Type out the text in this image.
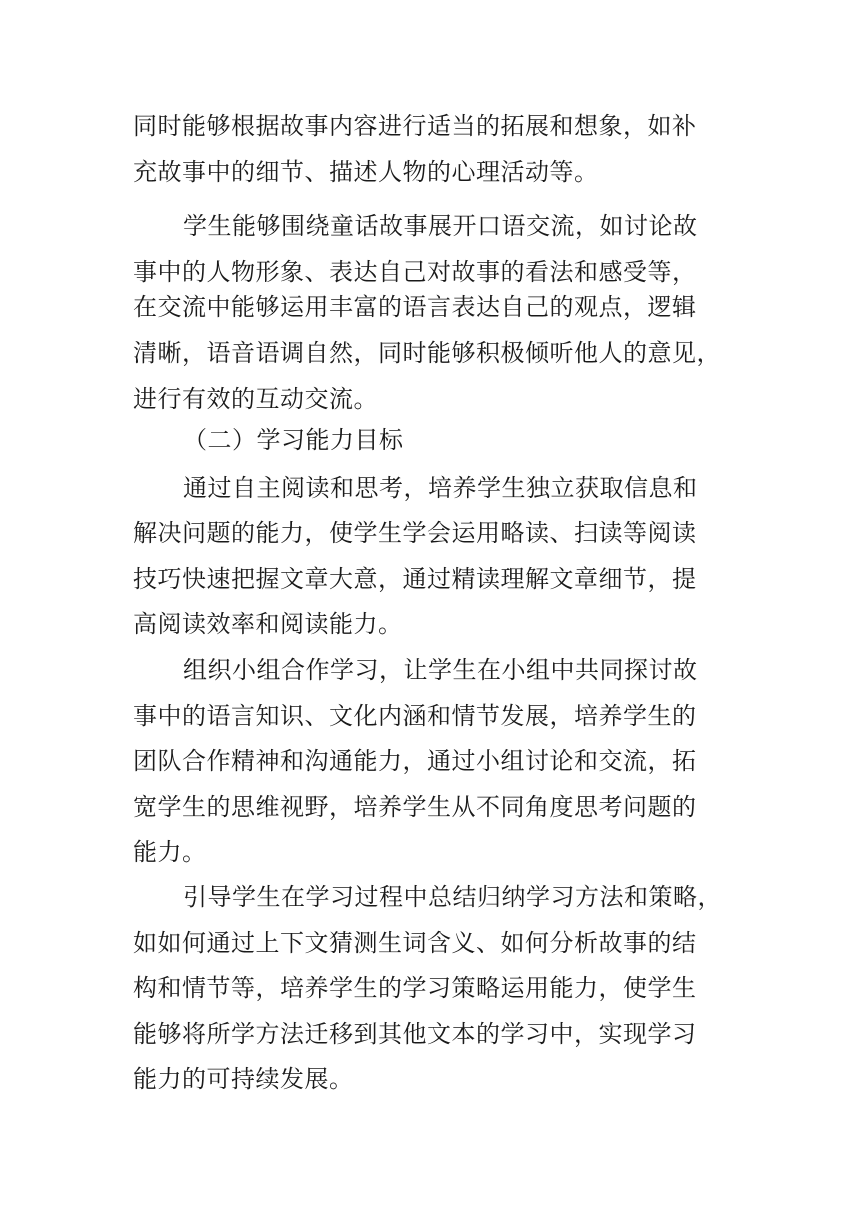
同时能够根据故事内容进行适当的拓展和想象，如补
充故事中的细节、描述人物的心理活动等。
学生能够围绕童话故事展开口语交流，如讨论故
事中的人物形象、表达自己对故事的看法和感受等，
在交流中能够运用丰富的语言表达自己的观点，逻辑
清晰，语音语调自然，同时能够积极倾听他人的意见，
进行有效的互动交流。
（二）学习能力目标
通过自主阅读和思考，培养学生独立获取信息和
解决问题的能力，使学生学会运用略读、扫读等阅读
技巧快速把握文章大意，通过精读理解文章细节，提
高阅读效率和阅读能力。
组织小组合作学习，让学生在小组中共同探讨故
事中的语言知识、文化内涵和情节发展，培养学生的
团队合作精神和沟通能力，通过小组讨论和交流，拓
宽学生的思维视野，培养学生从不同角度思考问题的
能力。
引导学生在学习过程中总结归纳学习方法和策略，
如如何通过上下文猜测生词含义、如何分析故事的结
构和情节等，培养学生的学习策略运用能力，使学生
能够将所学方法迁移到其他文本的学习中，实现学习
能力的可持续发展。
